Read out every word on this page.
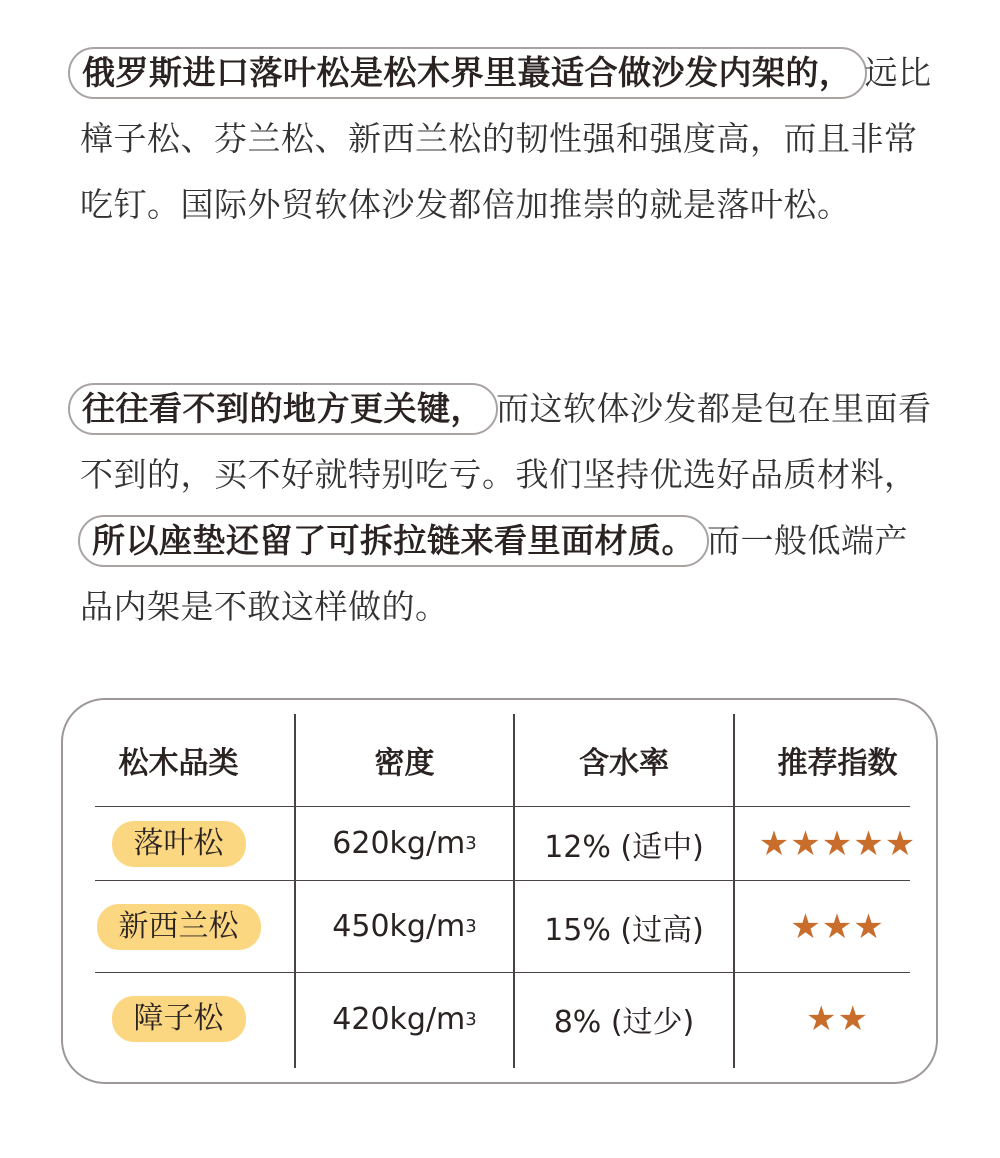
俄罗斯进口落叶松是松木界里蕞适合做沙发内架的， 远比樟子松、芬兰松、新西兰松的韧性强和强度高，而且非常吃钉。国际外贸软体沙发都倍加推崇的就是落叶松。
往往看不到的地方更关键， 而这软体沙发都是包在里面看不到的，买不好就特别吃亏。我们坚持优选好品质材料，所以座垫还留了可拆拉链来看里面材质。 而一般低端产品内架是不敢这样做的。
松木品类	密度	含水率	推荐指数
落叶松	620kg/m 3	12% (适中)	★★★★★
新西兰松	450kg/m 3	15% (过高)	★★★
障子松	420kg/m 3	8% (过少)	★★
